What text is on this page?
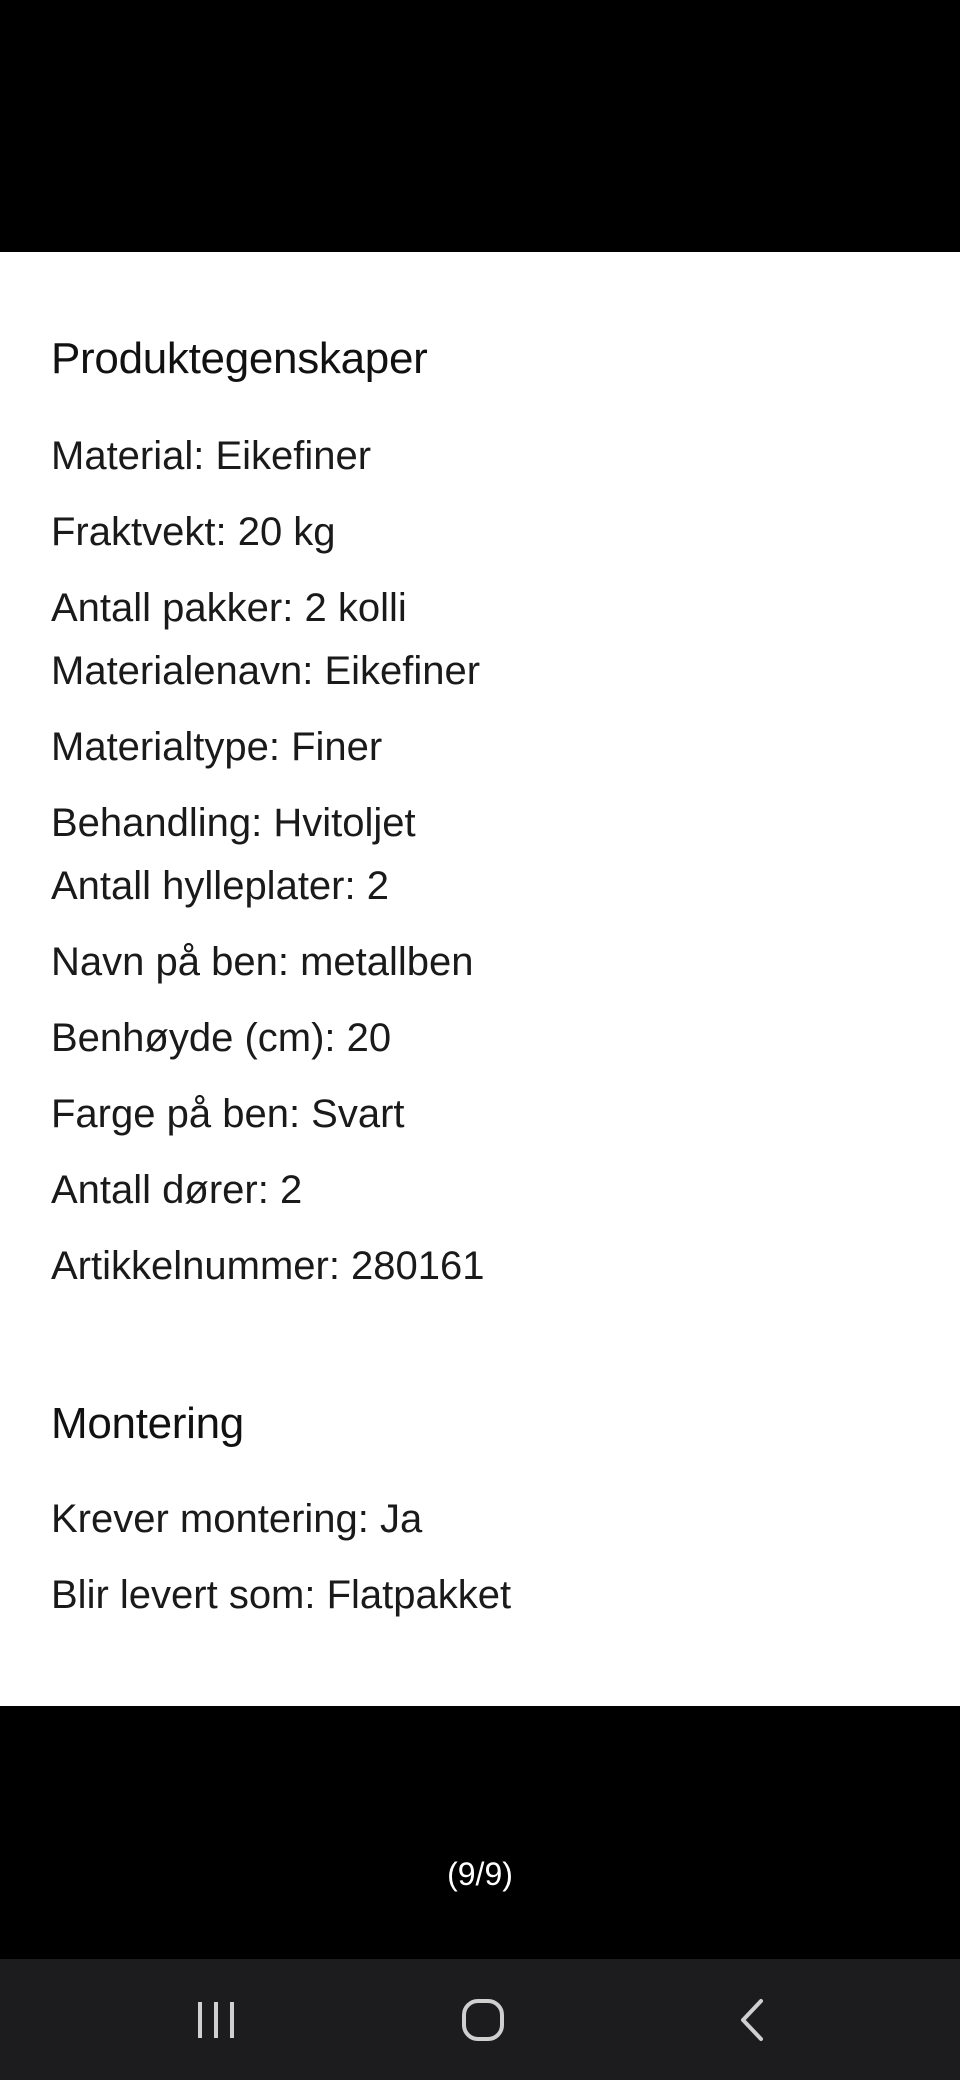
Produktegenskaper
Material: Eikefiner
Fraktvekt: 20 kg
Antall pakker: 2 kolli
Materialenavn: Eikefiner
Materialtype: Finer
Behandling: Hvitoljet
Antall hylleplater: 2
Navn på ben: metallben
Benhøyde (cm): 20
Farge på ben: Svart
Antall dører: 2
Artikkelnummer: 280161
Montering
Krever montering: Ja
Blir levert som: Flatpakket
(9/9)
